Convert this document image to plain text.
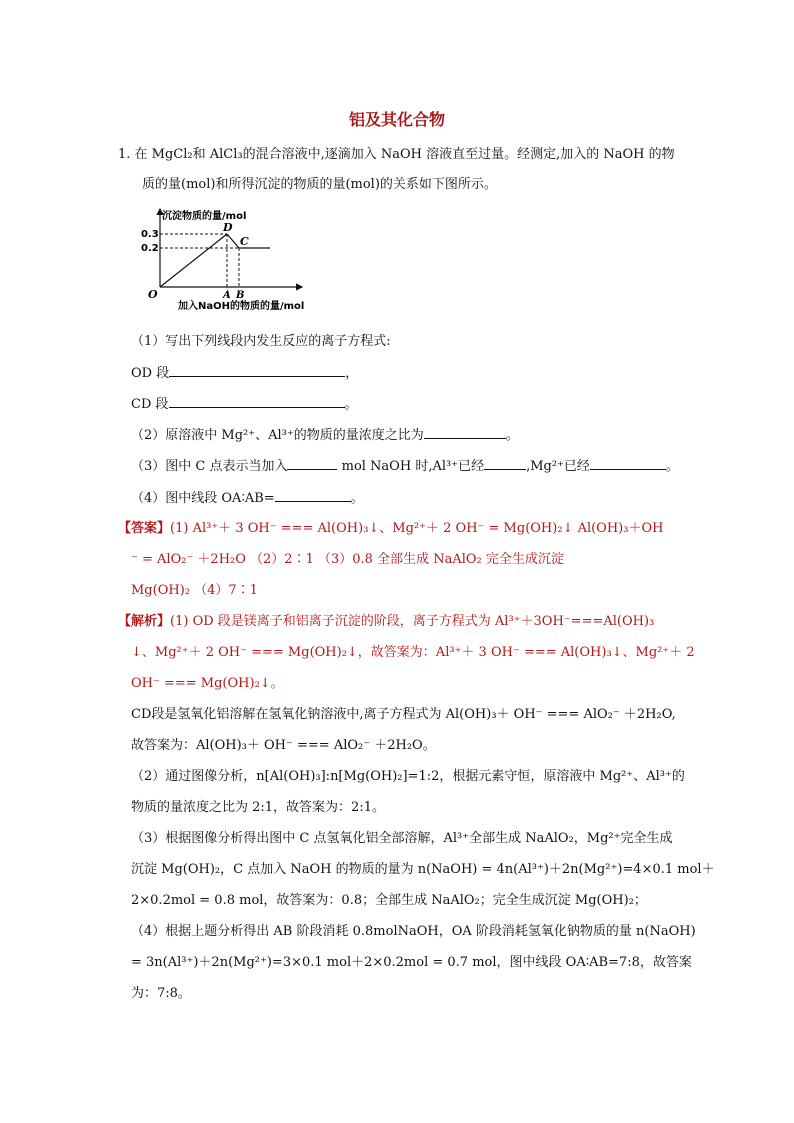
铝及其化合物
1. 在 MgCl₂和 AlCl₃的混合溶液中,逐滴加入 NaOH 溶液直至过量。经测定,加入的 NaOH 的物
质的量(mol)和所得沉淀的物质的量(mol)的关系如下图所示。
沉淀物质的量/mol
0.3
0.2
O
D
C
A B
加入NaOH的物质的量/mol
（1）写出下列线段内发生反应的离子方程式:
OD 段	，
CD 段	。
（2）原溶液中 Mg²⁺、Al³⁺的物质的量浓度之比为	。
（3）图中 C 点表示当加入	mol NaOH 时,Al³⁺已经	,Mg²⁺已经	。
（4）图中线段 OA∶AB=	。
【答案】(1) Al³⁺＋ 3 OH⁻ === Al(OH)₃↓、Mg²⁺＋ 2 OH⁻ = Mg(OH)₂↓ Al(OH)₃＋OH
⁻ = AlO₂⁻ ＋2H₂O （2）2∶1 （3）0.8 全部生成 NaAlO₂ 完全生成沉淀
Mg(OH)₂ （4）7∶1
【解析】(1) OD 段是镁离子和铝离子沉淀的阶段，离子方程式为 Al³⁺＋3OH⁻===Al(OH)₃
↓、Mg²⁺＋ 2 OH⁻ === Mg(OH)₂↓，故答案为：Al³⁺＋ 3 OH⁻ === Al(OH)₃↓、Mg²⁺＋ 2
OH⁻ === Mg(OH)₂↓。
CD段是氢氧化铝溶解在氢氧化钠溶液中,离子方程式为 Al(OH)₃＋ OH⁻ === AlO₂⁻ ＋2H₂O,
故答案为：Al(OH)₃＋ OH⁻ === AlO₂⁻ ＋2H₂O。
（2）通过图像分析，n[Al(OH)₃]:n[Mg(OH)₂]=1:2，根据元素守恒，原溶液中 Mg²⁺、Al³⁺的
物质的量浓度之比为 2:1，故答案为：2:1。
（3）根据图像分析得出图中 C 点氢氧化铝全部溶解，Al³⁺全部生成 NaAlO₂，Mg²⁺完全生成
沉淀 Mg(OH)₂，C 点加入 NaOH 的物质的量为 n(NaOH) = 4n(Al³⁺)＋2n(Mg²⁺)=4×0.1 mol＋
2×0.2mol = 0.8 mol，故答案为：0.8；全部生成 NaAlO₂；完全生成沉淀 Mg(OH)₂；
（4）根据上题分析得出 AB 阶段消耗 0.8molNaOH，OA 阶段消耗氢氧化钠物质的量 n(NaOH)
= 3n(Al³⁺)＋2n(Mg²⁺)=3×0.1 mol＋2×0.2mol = 0.7 mol，图中线段 OA∶AB=7:8，故答案
为：7:8。
